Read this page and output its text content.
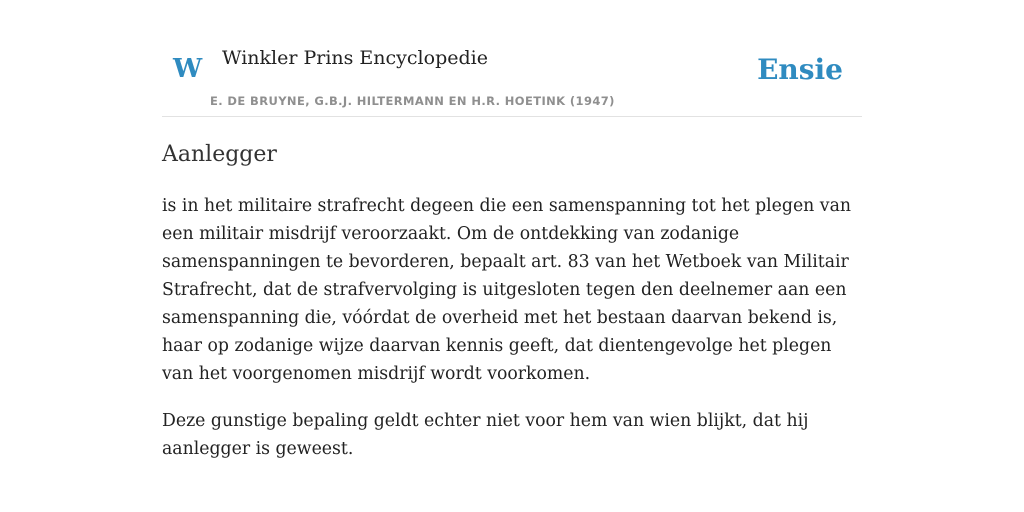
W Winkler Prins Encyclopedie
E. DE BRUYNE, G.B.J. HILTERMANN EN H.R. HOETINK (1947)
Ensie
Aanlegger

is in het militaire strafrecht degeen die een samenspanning tot het plegen van een militair misdrijf veroorzaakt. Om de ontdekking van zodanige samenspanningen te bevorderen, bepaalt art. 83 van het Wetboek van Militair Strafrecht, dat de strafvervolging is uitgesloten tegen den deelnemer aan een samenspanning die, vóórdat de overheid met het bestaan daarvan bekend is, haar op zodanige wijze daarvan kennis geeft, dat dientengevolge het plegen van het voorgenomen misdrijf wordt voorkomen.

Deze gunstige bepaling geldt echter niet voor hem van wien blijkt, dat hij aanlegger is geweest.
